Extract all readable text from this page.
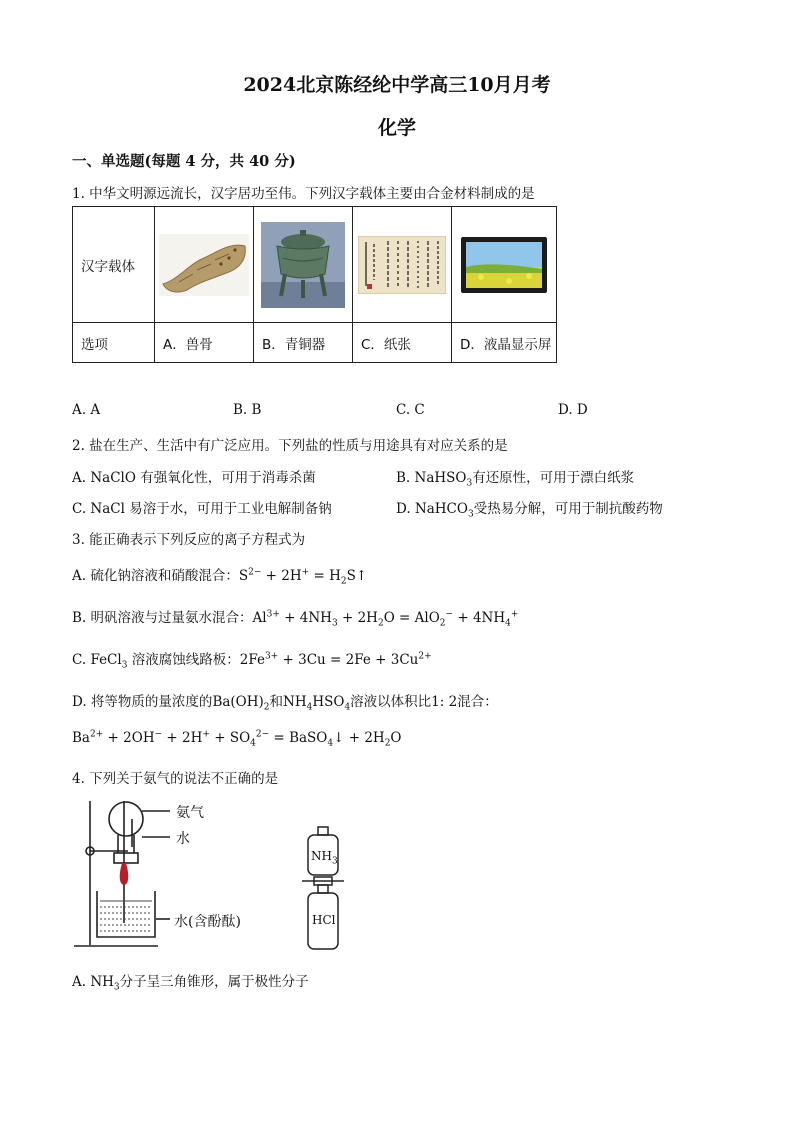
2024北京陈经纶中学高三10月月考
化学
一、单选题(每题 4 分，共 40 分)
1. 中华文明源远流长，汉字居功至伟。下列汉字载体主要由合金材料制成的是
汉字载体	

选项	A．兽骨	B．青铜器	C．纸张	D．液晶显示屏
A. A	B. B	C. C	D. D
2. 盐在生产、生活中有广泛应用。下列盐的性质与用途具有对应关系的是
A. NaClO 有强氧化性，可用于消毒杀菌	B. NaHSO$_3$有还原性，可用于漂白纸浆
C. NaCl 易溶于水，可用于工业电解制备钠	D. NaHCO$_3$受热易分解，可用于制抗酸药物
3. 能正确表示下列反应的离子方程式为
A. 硫化钠溶液和硝酸混合：$S^{2-} + 2H^+$ = $H_2S↑$
B. 明矾溶液与过量氨水混合：$Al^{3+} + 4NH_3 + 2H_2O = AlO_2^- + 4NH_4^+$
C. FeCl$_3$ 溶液腐蚀线路板：$2Fe^{3+} + 3Cu = 2Fe + 3Cu^{2+}$
D. 将等物质的量浓度的$Ba(OH)_2$和$NH_4HSO_4$溶液以体积比1: 2混合：
$Ba^{2+} + 2OH^- + 2H^+ + SO_4^{2-}$ = BaSO$_4$↓ + $2H_2O$
4. 下列关于氨气的说法不正确的是
氨气
水
水(含酚酞)
$NH_3$
HCl
A. $NH_3$分子呈三角锥形，属于极性分子
